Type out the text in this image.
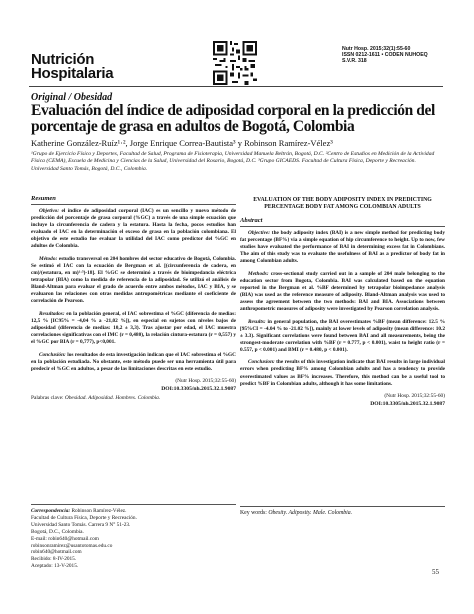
Nutrición
Hospitalaria
Nutr Hosp. 2015;32(1):55-60
ISSN 0212-1611 • CODEN NUHOEQ
S.V.R. 318
Original / Obesidad
Evaluación del índice de adiposidad corporal en la predicción del porcentaje de grasa en adultos de Bogotá, Colombia
Katherine González-Ruíz¹·², Jorge Enrique Correa-Bautista³ y Robinson Ramírez-Vélez³
¹Grupo de Ejercicio Físico y Deportes, Facultad de Salud, Programa de Fisioterapia, Universidad Manuela Beltrán, Bogotá, D.C. ²Centro de Estudios en Medición de la Actividad Física (CEMA), Escuela de Medicina y Ciencias de la Salud, Universidad del Rosario, Bogotá, D.C. ³Grupo GICAEDS. Facultad de Cultura Física, Deporte y Recreación. Universidad Santo Tomás, Bogotá, D.C., Colombia.
Resumen

Objetivo: el índice de adiposidad corporal (IAC) es un sencillo y nuevo método de predicción del porcentaje de grasa corporal (%GC) a través de una simple ecuación que incluye la circunferencia de cadera y la estatura. Hasta la fecha, pocos estudios han evaluado el IAC en la determinación el exceso de grasa en la población colombiana. El objetivo de este estudio fue evaluar la utilidad del IAC como predictor del %GC en adultos de Colombia.

Método: estudio transversal en 204 hombres del sector educativo de Bogotá, Colombia. Se estimó el IAC con la ecuación de Bergman et al. [(circunferencia de cadera, en cm)/(estatura, en m)¹·⁵)-18]. El %GC se determinó a través de bioimpedancia eléctrica tetrapolar (BIA) como la medida de referencia de la adiposidad. Se utilizó el análisis de Bland-Altman para evaluar el grado de acuerdo entre ambos métodos, IAC y BIA, y se evaluaron las relaciones con otras medidas antropométricas mediante el coeficiente de correlación de Pearson.

Resultados: en la población general, el IAC sobrestima el %GC (diferencia de medias: 12,5 % [IC95% = -4,04 % a -21,02 %]), en especial en sujetos con niveles bajos de adiposidad (diferencia de medias: 10,2 ± 3,3). Tras ajustar por edad, el IAC muestra correlaciones significativas con el IMC (r = 0,480), la relación cintura-estatura (r = 0,557) y el %GC por BIA (r = 0,777), p<0,001.

Conclusión: los resultados de esta investigación indican que el IAC sobrestima el %GC en la población estudiada. No obstante, este método puede ser una herramienta útil para predecir el %GC en adultos, a pesar de las limitaciones descritas en este estudio.

(Nutr Hosp. 2015;32:55-60)
DOI:10.3305/nh.2015.32.1.9087
Palabras clave: Obesidad. Adiposidad. Hombres. Colombia.
EVALUATION OF THE BODY ADIPOSITY INDEX IN PREDICTING PERCENTAGE BODY FAT AMONG COLOMBIAN ADULTS
Abstract

Objective: the body adiposity index (BAI) is a new simple method for predicting body fat percentage (BF%) via a simple equation of hip circumference to height. Up to now, few studies have evaluated the performance of BAI in determining excess fat in Colombians. The aim of this study was to evaluate the usefulness of BAI as a predictor of body fat in among Colombian adults.

Methods: cross-sectional study carried out in a sample of 204 male belonging to the education sector from Bogota, Colombia. BAI was calculated based on the equation reported in the Bergman et al. %BF determined by tetrapolar bioimpedance analysis (BIA) was used as the reference measure of adiposity. Bland-Altman analysis was used to assess the agreement between the two methods: BAI and BIA. Associations between anthropometric measures of adiposity were investigated by Pearson correlation analysis.

Results: in general population, the BAI overestimates %BF (mean difference: 12.5 % [95%CI = -4.04 % to -21.02 %]), mainly at lower levels of adiposity (mean difference: 10.2 ± 3.3). Significant correlations were found between BAI and all measurements, being the strongest-moderate correlation with %BF (r = 0.777, p < 0.001), waist to height ratio (r = 0.557, p < 0.001) and BMI (r = 0.480, p < 0.001).

Conclusion: the results of this investigation indicate that BAI results in large individual errors when predicting BF% among Colombian adults and has a tendency to provide overestimated values as BF% increases. Therefore, this method can be a useful tool to predict %BF in Colombian adults, although it has some limitations.

(Nutr Hosp. 2015;32:55-60)
DOI:10.3305/nh.2015.32.1.9087
Correspondencia: Robinson Ramírez-Vélez.
Facultad de Cultura Física, Deporte y Recreación.
Universidad Santo Tomás. Carrera 9 N° 51-23.
Bogotá, D.C., Colombia.
E-mail: robin640@hotmail.com
robinsonramirez@usantotomas.edu.co
robin640@hotmail.com
Recibido: 8-IV-2015.
Aceptado: 13-V-2015.
Key words: Obesity. Adiposity. Male. Colombia.
55
